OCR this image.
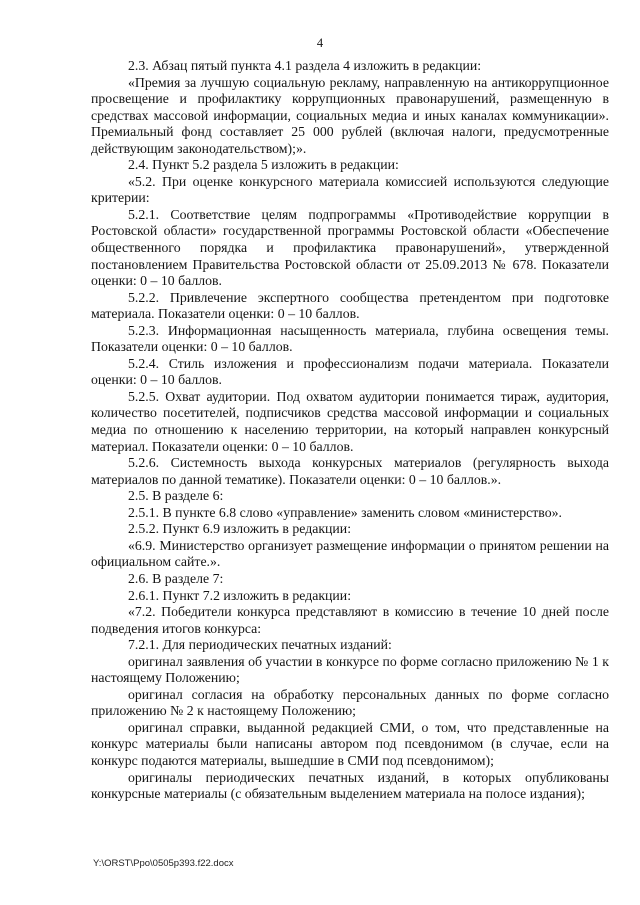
4

2.3. Абзац пятый пункта 4.1 раздела 4 изложить в редакции:

«Премия за лучшую социальную рекламу, направленную на антикоррупционное просвещение и профилактику коррупционных правонарушений, размещенную в средствах массовой информации, социальных медиа и иных каналах коммуникации». Премиальный фонд составляет 25 000 рублей (включая налоги, предусмотренные действующим законодательством);».

2.4. Пункт 5.2 раздела 5 изложить в редакции:

«5.2. При оценке конкурсного материала комиссией используются следующие критерии:

5.2.1. Соответствие целям подпрограммы «Противодействие коррупции в Ростовской области» государственной программы Ростовской области «Обеспечение общественного порядка и профилактика правонарушений», утвержденной постановлением Правительства Ростовской области от 25.09.2013 № 678. Показатели оценки: 0 – 10 баллов.

5.2.2. Привлечение экспертного сообщества претендентом при подготовке материала. Показатели оценки: 0 – 10 баллов.

5.2.3. Информационная насыщенность материала, глубина освещения темы. Показатели оценки: 0 – 10 баллов.

5.2.4. Стиль изложения и профессионализм подачи материала. Показатели оценки: 0 – 10 баллов.

5.2.5. Охват аудитории. Под охватом аудитории понимается тираж, аудитория, количество посетителей, подписчиков средства массовой информации и социальных медиа по отношению к населению территории, на который направлен конкурсный материал. Показатели оценки: 0 – 10 баллов.

5.2.6. Системность выхода конкурсных материалов (регулярность выхода материалов по данной тематике). Показатели оценки: 0 – 10 баллов.».

2.5. В разделе 6:

2.5.1. В пункте 6.8 слово «управление» заменить словом «министерство».

2.5.2. Пункт 6.9 изложить в редакции:

«6.9. Министерство организует размещение информации о принятом решении на официальном сайте.».

2.6. В разделе 7:

2.6.1. Пункт 7.2 изложить в редакции:

«7.2. Победители конкурса представляют в комиссию в течение 10 дней после подведения итогов конкурса:

7.2.1. Для периодических печатных изданий:

оригинал заявления об участии в конкурсе по форме согласно приложению № 1 к настоящему Положению;

оригинал согласия на обработку персональных данных по форме согласно приложению № 2 к настоящему Положению;

оригинал справки, выданной редакцией СМИ, о том, что представленные на конкурс материалы были написаны автором под псевдонимом (в случае, если на конкурс подаются материалы, вышедшие в СМИ под псевдонимом);

оригиналы периодических печатных изданий, в которых опубликованы конкурсные материалы (с обязательным выделением материала на полосе издания);

Y:\ORST\Ppo\0505p393.f22.docx
